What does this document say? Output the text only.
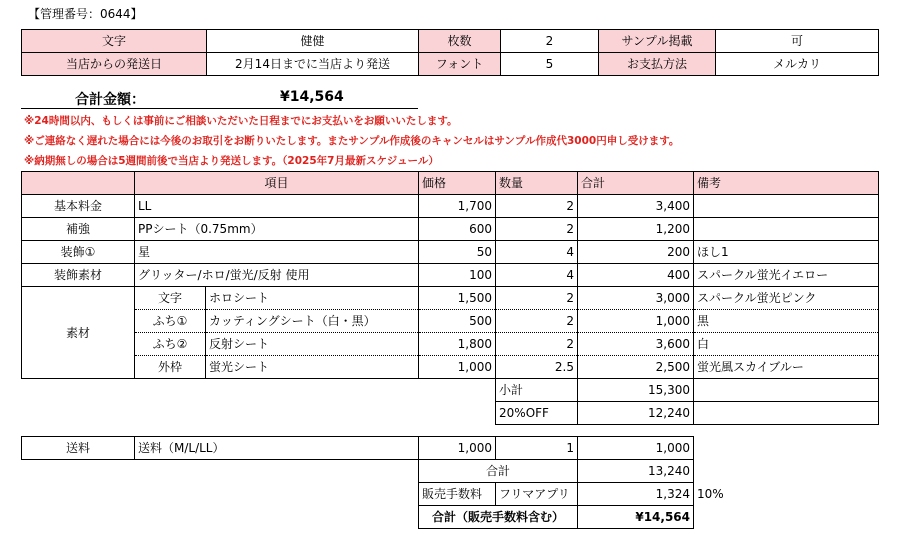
【管理番号：0644】
文字	健健	枚数	2	サンプル掲載	可
当店からの発送日	2月14日までに当店より発送	フォント	5	お支払方法	メルカリ
合計金額：	¥14,564
※24時間以内、もしくは事前にご相談いただいた日程までにお支払いをお願いいたします。
※ご連絡なく遅れた場合には今後のお取引をお断りいたします。またサンプル作成後のキャンセルはサンプル作成代3000円申し受けます。
※納期無しの場合は5週間前後で当店より発送します。（2025年7月最新スケジュール）
	項目		価格	数量	合計	備考
基本料金	LL		1,700	2	3,400	
補強	PPシート（0.75mm）		600	2	1,200	
装飾①	星		50	4	200	ほし1
装飾素材	グリッター/ホロ/蛍光/反射 使用		100	4	400	スパークル蛍光イエロー
素材	文字	ホロシート	1,500	2	3,000	スパークル蛍光ピンク
	ふち①	カッティングシート（白・黒）	500	2	1,000	黒
	ふち②	反射シート	1,800	2	3,600	白
	外枠	蛍光シート	1,000	2.5	2,500	蛍光風スカイブルー
				小計	15,300	
				20%OFF	12,240	
送料	送料（M/L/LL）	1,000	1	1,000	
		合計		13,240	
		販売手数料	フリマアプリ	1,324	10%
		合計（販売手数料含む）		¥14,564	
